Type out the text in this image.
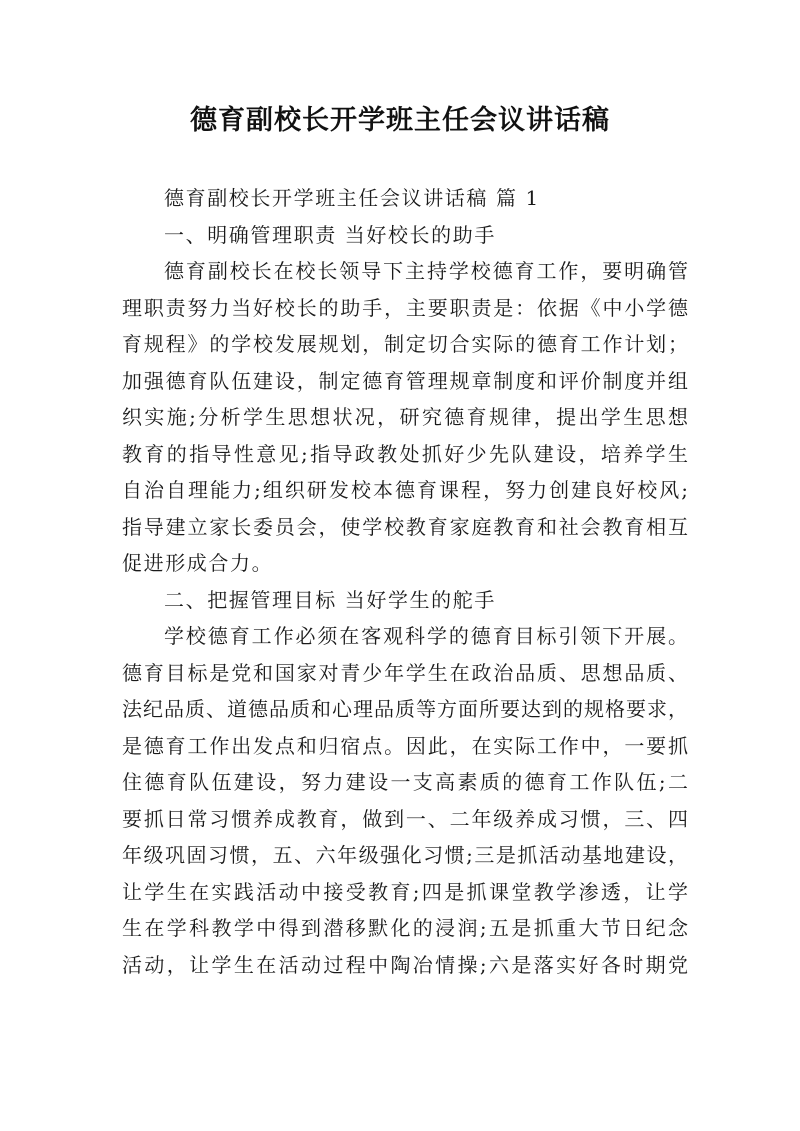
德育副校长开学班主任会议讲话稿
德育副校长开学班主任会议讲话稿 篇 1
一、明确管理职责 当好校长的助手
德育副校长在校长领导下主持学校德育工作，要明确管
理职责努力当好校长的助手，主要职责是：依据《中小学德
育规程》的学校发展规划，制定切合实际的德育工作计划；
加强德育队伍建设，制定德育管理规章制度和评价制度并组
织实施;分析学生思想状况，研究德育规律，提出学生思想
教育的指导性意见;指导政教处抓好少先队建设，培养学生
自治自理能力;组织研发校本德育课程，努力创建良好校风;
指导建立家长委员会，使学校教育家庭教育和社会教育相互
促进形成合力。
二、把握管理目标 当好学生的舵手
学校德育工作必须在客观科学的德育目标引领下开展。
德育目标是党和国家对青少年学生在政治品质、思想品质、
法纪品质、道德品质和心理品质等方面所要达到的规格要求，
是德育工作出发点和归宿点。因此，在实际工作中，一要抓
住德育队伍建设，努力建设一支高素质的德育工作队伍;二
要抓日常习惯养成教育，做到一、二年级养成习惯，三、四
年级巩固习惯，五、六年级强化习惯;三是抓活动基地建设，
让学生在实践活动中接受教育;四是抓课堂教学渗透，让学
生在学科教学中得到潜移默化的浸润;五是抓重大节日纪念
活动，让学生在活动过程中陶冶情操;六是落实好各时期党
